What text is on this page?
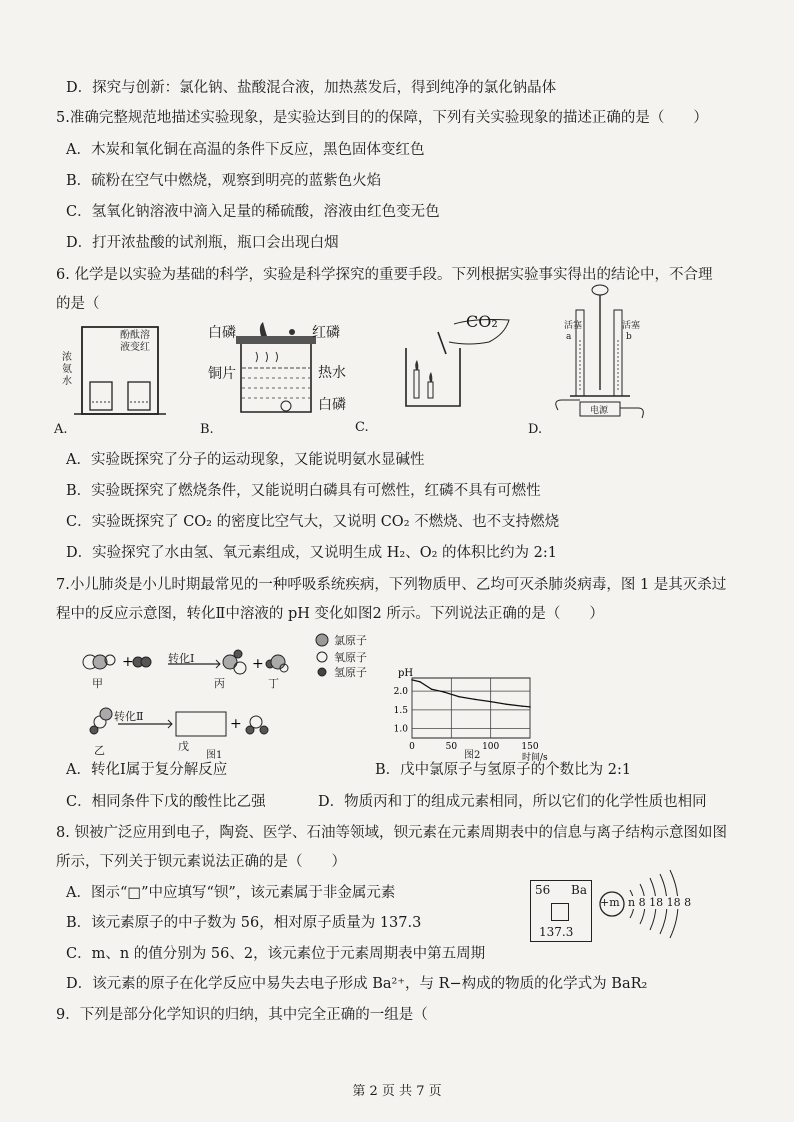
D．探究与创新：氯化钠、盐酸混合液，加热蒸发后，得到纯净的氯化钠晶体
5.准确完整规范地描述实验现象，是实验达到目的的保障，下列有关实验现象的描述正确的是（　　）
A．木炭和氧化铜在高温的条件下反应，黑色固体变红色
B．硫粉在空气中燃烧，观察到明亮的蓝紫色火焰
C．氢氧化钠溶液中滴入足量的稀硫酸，溶液由红色变无色
D．打开浓盐酸的试剂瓶，瓶口会出现白烟
6. 化学是以实验为基础的科学，实验是科学探究的重要手段。下列根据实验事实得出的结论中，不合理
的是（
浓氨水
酚酞溶液变红
A.
白磷	红磷
铜片	热水
白磷
B.
CO₂
C.
活塞	活塞
a	b
电源
D.
A．实验既探究了分子的运动现象，又能说明氨水显碱性
B．实验既探究了燃烧条件，又能说明白磷具有可燃性，红磷不具有可燃性
C．实验既探究了 CO₂ 的密度比空气大，又说明 CO₂ 不燃烧、也不支持燃烧
D．实验探究了水由氢、氧元素组成，又说明生成 H₂、O₂ 的体积比约为 2:1
7.小儿肺炎是小儿时期最常见的一种呼吸系统疾病，下列物质甲、乙均可灭杀肺炎病毒，图 1 是其灭杀过
程中的反应示意图，转化Ⅱ中溶液的 pH 变化如图2 所示。下列说法正确的是（　　）
+	+
+
转化Ⅰ
转化Ⅱ
甲	丙	丁
乙	戊
图1
氯原子
氧原子
氢原子
0	50	100 150
2.0
1.5
1.0
pH
时间/s
图2
A．转化Ⅰ属于复分解反应	B．戊中氯原子与氢原子的个数比为 2:1
C．相同条件下戊的酸性比乙强	D．物质丙和丁的组成元素相同，所以它们的化学性质也相同
8. 钡被广泛应用到电子，陶瓷、医学、石油等领域，钡元素在元素周期表中的信息与离子结构示意图如图
所示，下列关于钡元素说法正确的是（　　）
A．图示“□”中应填写“钡”，该元素属于非金属元素
B．该元素原子的中子数为 56，相对原子质量为 137.3
C．m、n 的值分别为 56、2，该元素位于元素周期表中第五周期
D．该元素的原子在化学反应中易失去电子形成 Ba²⁺，与 R−构成的物质的化学式为 BaR₂
56 Ba
137.3
+m n 8 18 18 8
9．下列是部分化学知识的归纳，其中完全正确的一组是（
第 2 页 共 7 页
